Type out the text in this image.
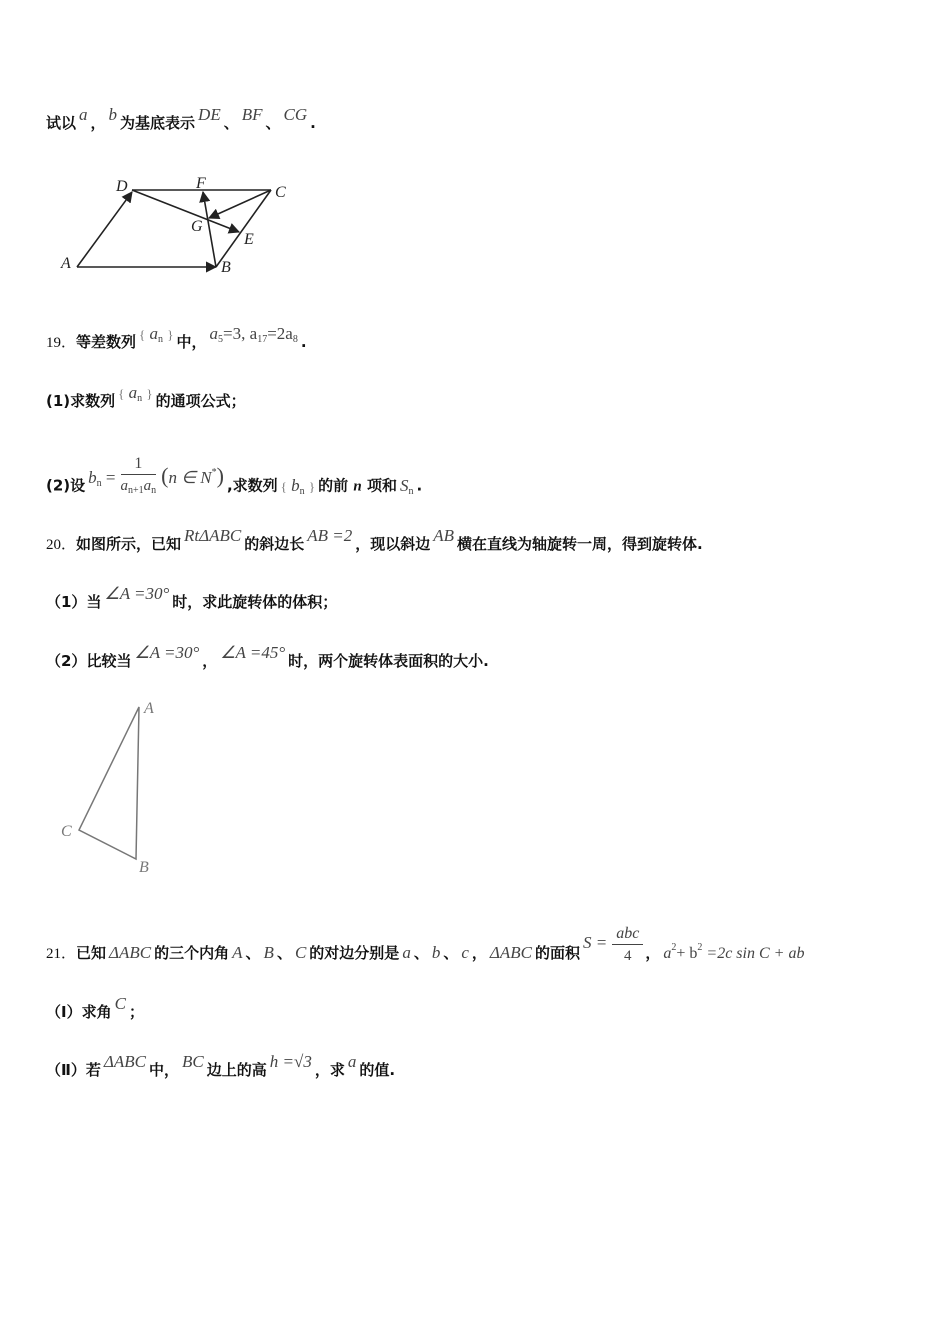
试以 a ， b 为基底表示 DE 、 BF 、 CG .
A	B
C
D
E
F
G
19．等差数列 { $a_n$ } 中， $a_5=3$, $a_{17}=2a_8$ .
(1)求数列 { $a_n$ } 的通项公式；
(2)设 $b_n = \frac{1}{a_{n+1}a_n} (n$ ∈ N*) ,求数列 { $b_n$ } 的前 n 项和 $S_n$ .
20．如图所示，已知 RtΔABC 的斜边长 AB =2 ，现以斜边 AB 横在直线为轴旋转一周，得到旋转体.
（1）当 ∠A =30° 时，求此旋转体的体积；
（2）比较当 ∠A =30° ， ∠A =45° 时，两个旋转体表面积的大小.
A
B
C
21．已知 ΔABC 的三个内角 A 、 B 、 C 的对边分别是 a 、 b 、 c ， ΔABC 的面积$S = \frac{\text{abc}}{4}$ ， $a^2+ b^2 =2c$ sin C + ab
（Ⅰ）求角 C ；
（Ⅱ）若 ΔABC 中， BC 边上的高 h =√3 ，求 a 的值.
